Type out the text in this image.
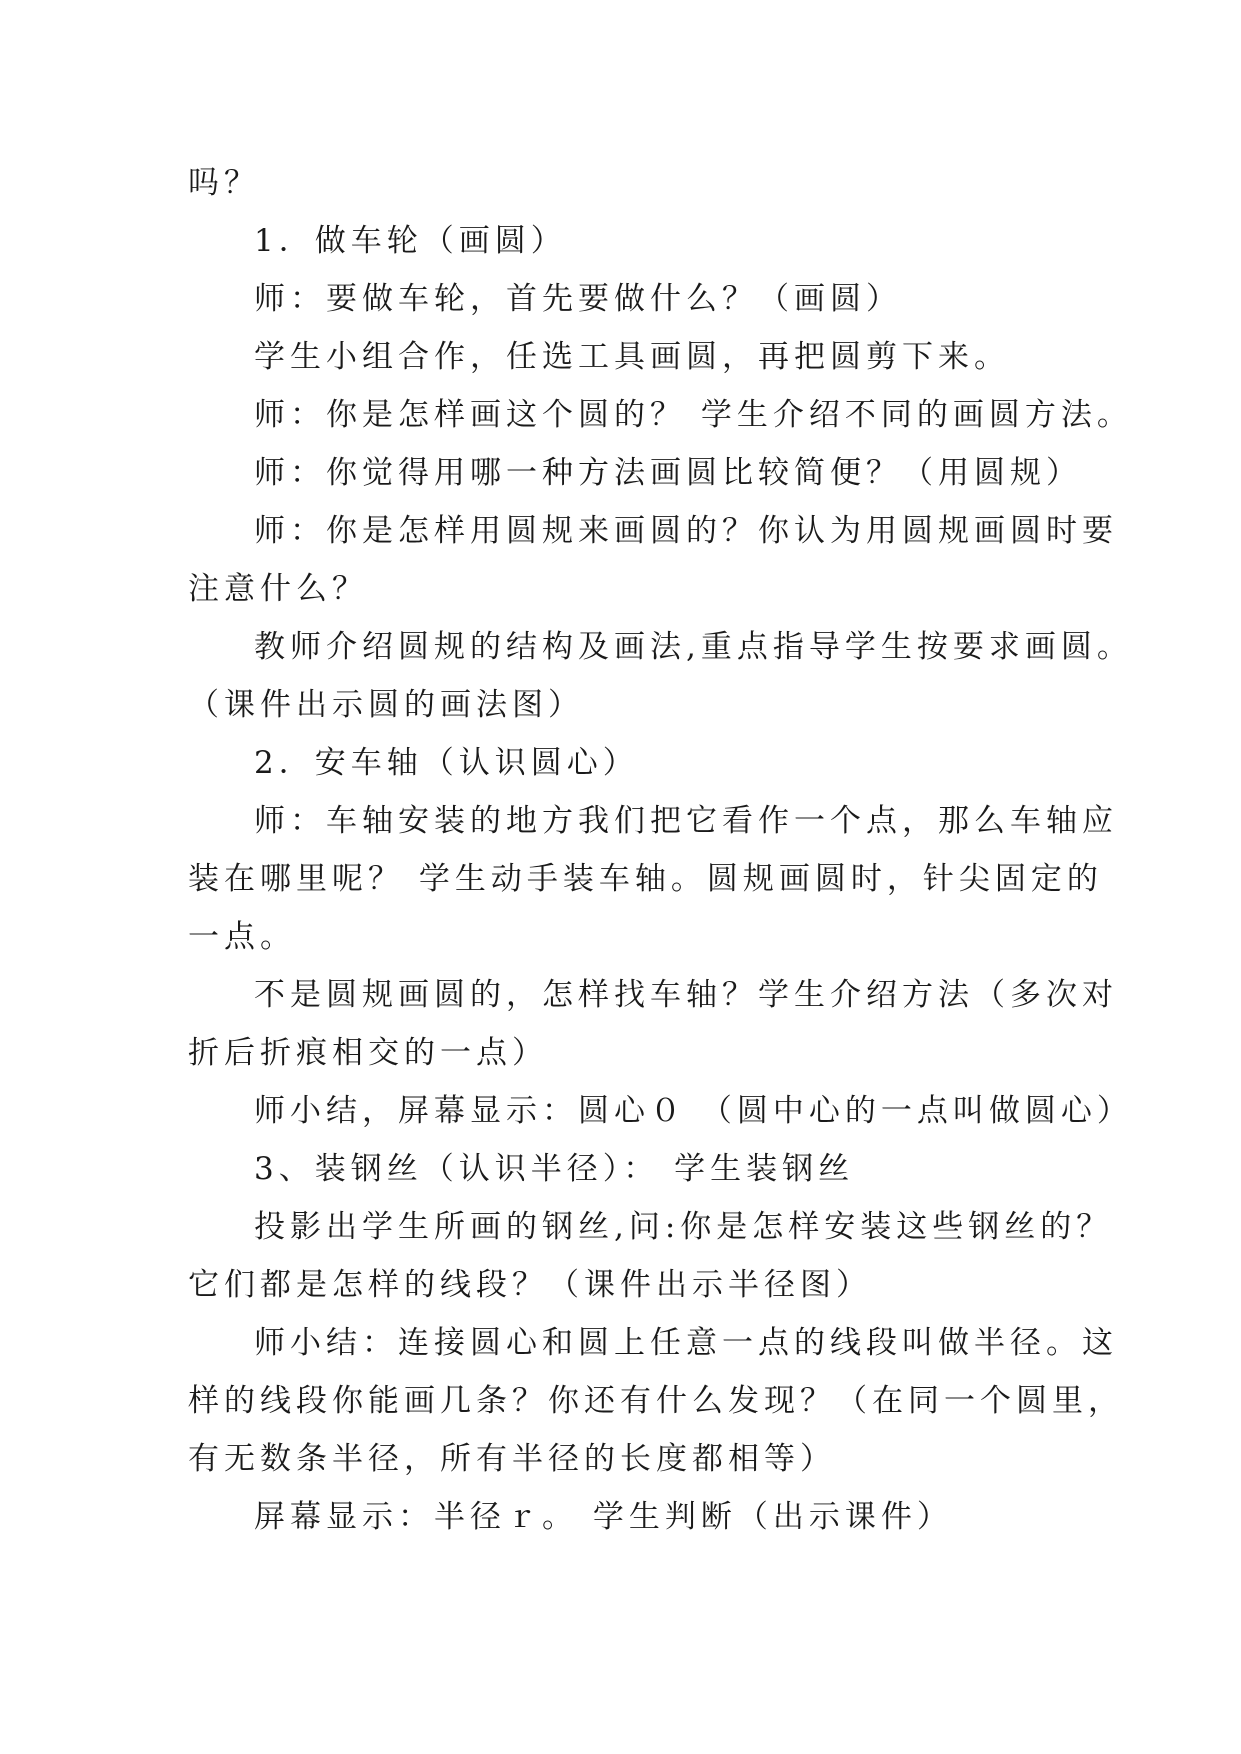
吗？

1．做车轮（画圆）

师：要做车轮，首先要做什么？（画圆）

学生小组合作，任选工具画圆，再把圆剪下来。

师：你是怎样画这个圆的？ 学生介绍不同的画圆方法。

师：你觉得用哪一种方法画圆比较简便？（用圆规）

师：你是怎样用圆规来画圆的？你认为用圆规画圆时要

注意什么？

教师介绍圆规的结构及画法,重点指导学生按要求画圆。

（课件出示圆的画法图）

2．安车轴（认识圆心）

师：车轴安装的地方我们把它看作一个点，那么车轴应

装在哪里呢？ 学生动手装车轴。圆规画圆时，针尖固定的

一点。

不是圆规画圆的，怎样找车轴？学生介绍方法（多次对

折后折痕相交的一点）

师小结，屏幕显示：圆心０ （圆中心的一点叫做圆心）

3、装钢丝（认识半径）： 学生装钢丝

投影出学生所画的钢丝,问:你是怎样安装这些钢丝的？

它们都是怎样的线段？（课件出示半径图）

师小结：连接圆心和圆上任意一点的线段叫做半径。这

样的线段你能画几条？你还有什么发现？（在同一个圆里，

有无数条半径，所有半径的长度都相等）

屏幕显示：半径ｒ。 学生判断（出示课件）
